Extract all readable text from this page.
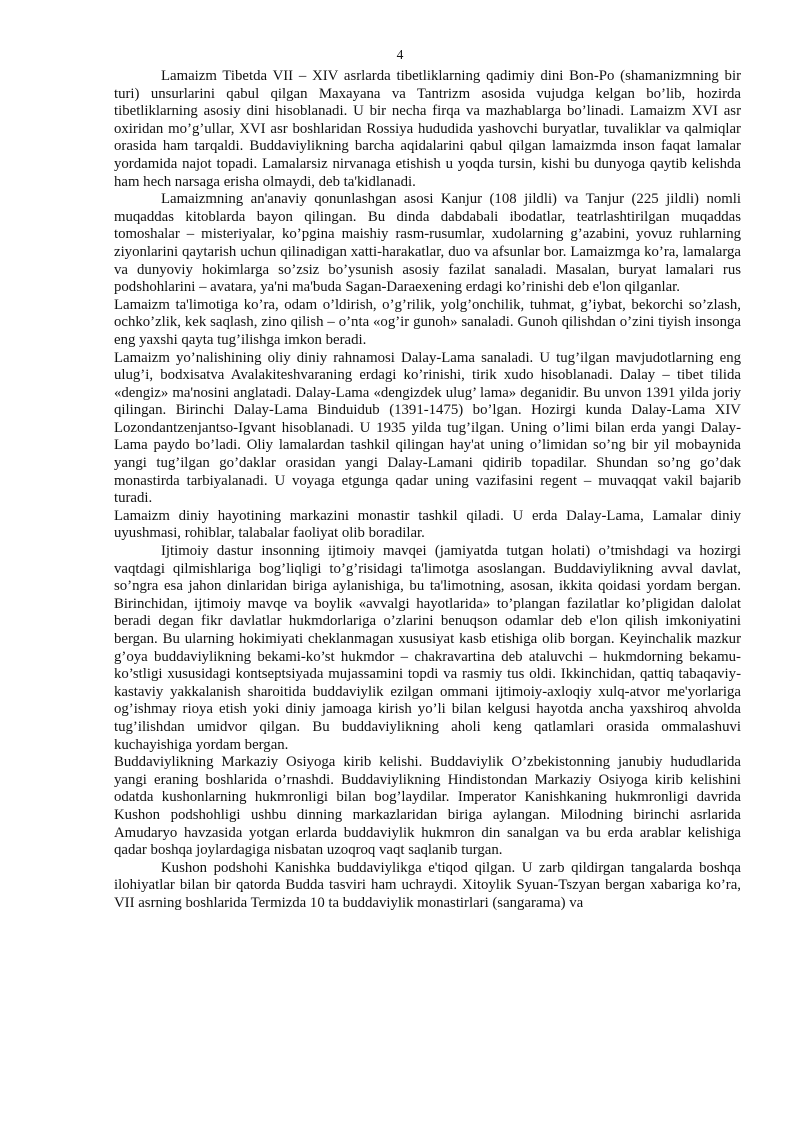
4

Lamaizm Tibetda VII – XIV asrlarda tibetliklarning qadimiy dini Bon-Po (shamanizmning bir turi) unsurlarini qabul qilgan Maxayana va Tantrizm asosida vujudga kelgan bo’lib, hozirda tibetliklarning asosiy dini hisoblanadi. U bir necha firqa va mazhablarga bo’linadi. Lamaizm XVI asr oxiridan mo’g’ullar, XVI asr boshlaridan Rossiya hududida yashovchi buryatlar, tuvaliklar va qalmiqlar orasida ham tarqaldi. Buddaviylikning barcha aqidalarini qabul qilgan lamaizmda inson faqat lamalar yordamida najot topadi. Lamalarsiz nirvanaga etishish u yoqda tursin, kishi bu dunyoga qaytib kelishda ham hech narsaga erisha olmaydi, deb ta'kidlanadi.

Lamaizmning an'anaviy qonunlashgan asosi Kanjur (108 jildli) va Tanjur (225 jildli) nomli muqaddas kitoblarda bayon qilingan. Bu dinda dabdabali ibodatlar, teatrlashtirilgan muqaddas tomoshalar – misteriyalar, ko’pgina maishiy rasm-rusumlar, xudolarning g’azabini, yovuz ruhlarning ziyonlarini qaytarish uchun qilinadigan xatti-harakatlar, duo va afsunlar bor. Lamaizmga ko’ra, lamalarga va dunyoviy hokimlarga so’zsiz bo’ysunish asosiy fazilat sanaladi. Masalan, buryat lamalari rus podshohlarini – avatara, ya'ni ma'buda Sagan-Daraexening erdagi ko’rinishi deb e'lon qilganlar.

Lamaizm ta'limotiga ko’ra, odam o’ldirish, o’g’rilik, yolg’onchilik, tuhmat, g’iybat, bekorchi so’zlash, ochko’zlik, kek saqlash, zino qilish – o’nta «og’ir gunoh» sanaladi. Gunoh qilishdan o’zini tiyish insonga eng yaxshi qayta tug’ilishga imkon beradi.

Lamaizm yo’nalishining oliy diniy rahnamosi Dalay-Lama sanaladi. U tug’ilgan mavjudotlarning eng ulug’i, bodxisatva Avalakiteshvaraning erdagi ko’rinishi, tirik xudo hisoblanadi. Dalay – tibet tilida «dengiz» ma'nosini anglatadi. Dalay-Lama «dengizdek ulug’ lama» deganidir. Bu unvon 1391 yilda joriy qilingan. Birinchi Dalay-Lama Binduidub (1391-1475) bo’lgan. Hozirgi kunda Dalay-Lama XIV Lozondantzenjantso-Igvant hisoblanadi. U 1935 yilda tug’ilgan. Uning o’limi bilan erda yangi Dalay-Lama paydo bo’ladi. Oliy lamalardan tashkil qilingan hay'at uning o’limidan so’ng bir yil mobaynida yangi tug’ilgan go’daklar orasidan yangi Dalay-Lamani qidirib topadilar. Shundan so’ng go’dak monastirda tarbiyalanadi. U voyaga etgunga qadar uning vazifasini regent – muvaqqat vakil bajarib turadi.

Lamaizm diniy hayotining markazini monastir tashkil qiladi. U erda Dalay-Lama, Lamalar diniy uyushmasi, rohiblar, talabalar faoliyat olib boradilar.

Ijtimoiy dastur insonning ijtimoiy mavqei (jamiyatda tutgan holati) o’tmishdagi va hozirgi vaqtdagi qilmishlariga bog’liqligi to’g’risidagi ta'limotga asoslangan. Buddaviylikning avval davlat, so’ngra esa jahon dinlaridan biriga aylanishiga, bu ta'limotning, asosan, ikkita qoidasi yordam bergan. Birinchidan, ijtimoiy mavqe va boylik «avvalgi hayotlarida» to’plangan fazilatlar ko’pligidan dalolat beradi degan fikr davlatlar hukmdorlariga o’zlarini benuqson odamlar deb e'lon qilish imkoniyatini bergan. Bu ularning hokimiyati cheklanmagan xususiyat kasb etishiga olib borgan. Keyinchalik mazkur g’oya buddaviylikning bekami-ko’st hukmdor – chakravartina deb ataluvchi – hukmdorning bekamu-ko’stligi xususidagi kontseptsiyada mujassamini topdi va rasmiy tus oldi. Ikkinchidan, qattiq tabaqaviy-kastaviy yakkalanish sharoitida buddaviylik ezilgan ommani ijtimoiy-axloqiy xulq-atvor me'yorlariga og’ishmay rioya etish yoki diniy jamoaga kirish yo’li bilan kelgusi hayotda ancha yaxshiroq ahvolda tug’ilishdan umidvor qilgan. Bu buddaviylikning aholi keng qatlamlari orasida ommalashuvi kuchayishiga yordam bergan.

Buddaviylikning Markaziy Osiyoga kirib kelishi. Buddaviylik O’zbekistonning janubiy hududlarida yangi eraning boshlarida o’rnashdi. Buddaviylikning Hindistondan Markaziy Osiyoga kirib kelishini odatda kushonlarning hukmronligi bilan bog’laydilar. Imperator Kanishkaning hukmronligi davrida Kushon podshohligi ushbu dinning markazlaridan biriga aylangan. Milodning birinchi asrlarida Amudaryo havzasida yotgan erlarda buddaviylik hukmron din sanalgan va bu erda arablar kelishiga qadar boshqa joylardagiga nisbatan uzoqroq vaqt saqlanib turgan.

Kushon podshohi Kanishka buddaviylikga e'tiqod qilgan. U zarb qildirgan tangalarda boshqa ilohiyatlar bilan bir qatorda Budda tasviri ham uchraydi. Xitoylik Syuan-Tszyan bergan xabariga ko’ra, VII asrning boshlarida Termizda 10 ta buddaviylik monastirlari (sangarama) va
